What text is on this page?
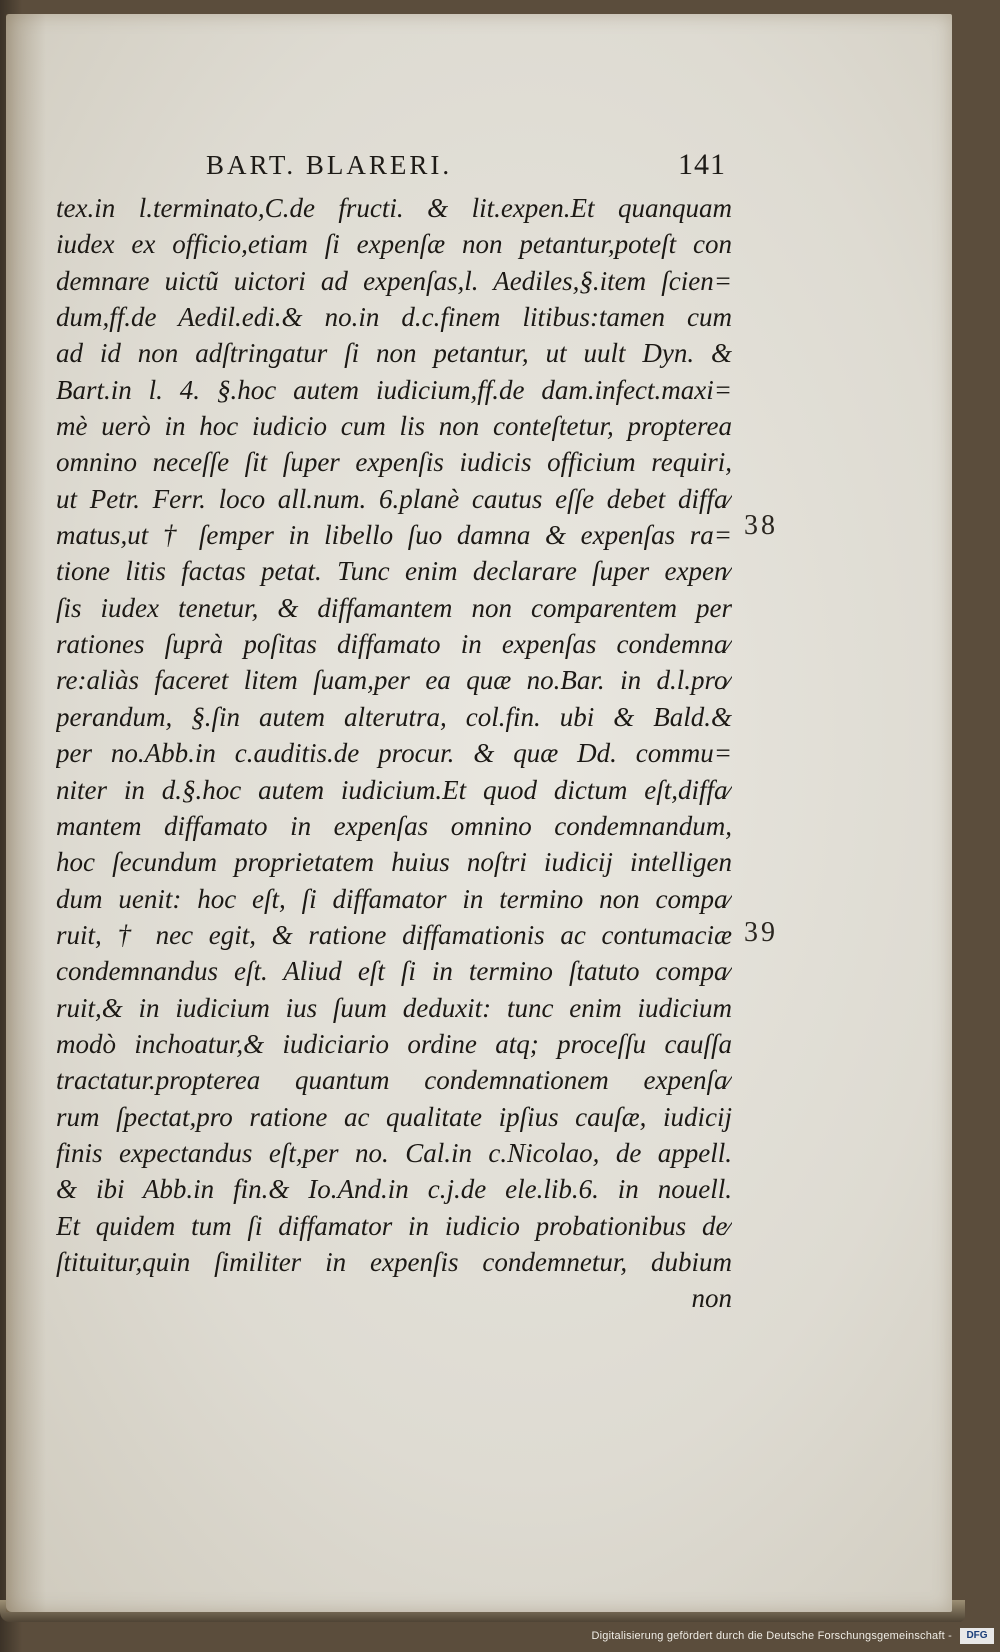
BART. BLARERI.	141
tex.in l.terminato,C.de fructi. & lit.expen.Et quanquam
iudex ex officio,etiam ſi expenſæ non petantur,poteſt con
demnare uictũ uictori ad expenſas,l. Aediles,§.item ſcien=
dum,ff.de Aedil.edi.& no.in d.c.finem litibus:tamen cum
ad id non adſtringatur ſi non petantur, ut uult Dyn. &
Bart.in l. 4. §.hoc autem iudicium,ff.de dam.infect.maxi=
mè uerò in hoc iudicio cum lis non conteſtetur, propterea
omnino neceſſe ſit ſuper expenſis iudicis officium requiri,
ut Petr. Ferr. loco all.num. 6.planè cautus eſſe debet diffa⁄
matus,ut † ſemper in libello ſuo damna & expenſas ra=
tione litis factas petat. Tunc enim declarare ſuper expen⁄
ſis iudex tenetur, & diffamantem non comparentem per
rationes ſuprà poſitas diffamato in expenſas condemna⁄
re:aliàs faceret litem ſuam,per ea quæ no.Bar. in d.l.pro⁄
perandum, §.ſin autem alterutra, col.fin. ubi & Bald.&
per no.Abb.in c.auditis.de procur. & quæ Dd. commu=
niter in d.§.hoc autem iudicium.Et quod dictum eſt,diffa⁄
mantem diffamato in expenſas omnino condemnandum,
hoc ſecundum proprietatem huius noſtri iudicij intelligen
dum uenit: hoc eſt, ſi diffamator in termino non compa⁄
ruit, † nec egit, & ratione diffamationis ac contumaciæ
condemnandus eſt. Aliud eſt ſi in termino ſtatuto compa⁄
ruit,& in iudicium ius ſuum deduxit: tunc enim iudicium
modò inchoatur,& iudiciario ordine atq; proceſſu cauſſa
tractatur.propterea quantum condemnationem expenſa⁄
rum ſpectat,pro ratione ac qualitate ipſius cauſæ, iudicij
finis expectandus eſt,per no. Cal.in c.Nicolao, de appell.
& ibi Abb.in fin.& Io.And.in c.j.de ele.lib.6. in nouell.
Et quidem tum ſi diffamator in iudicio probationibus de⁄
ſtituitur,quin ſimiliter in expenſis condemnetur, dubium
non
38
39
Digitalisierung gefördert durch die Deutsche Forschungsgemeinschaft -	DFG
